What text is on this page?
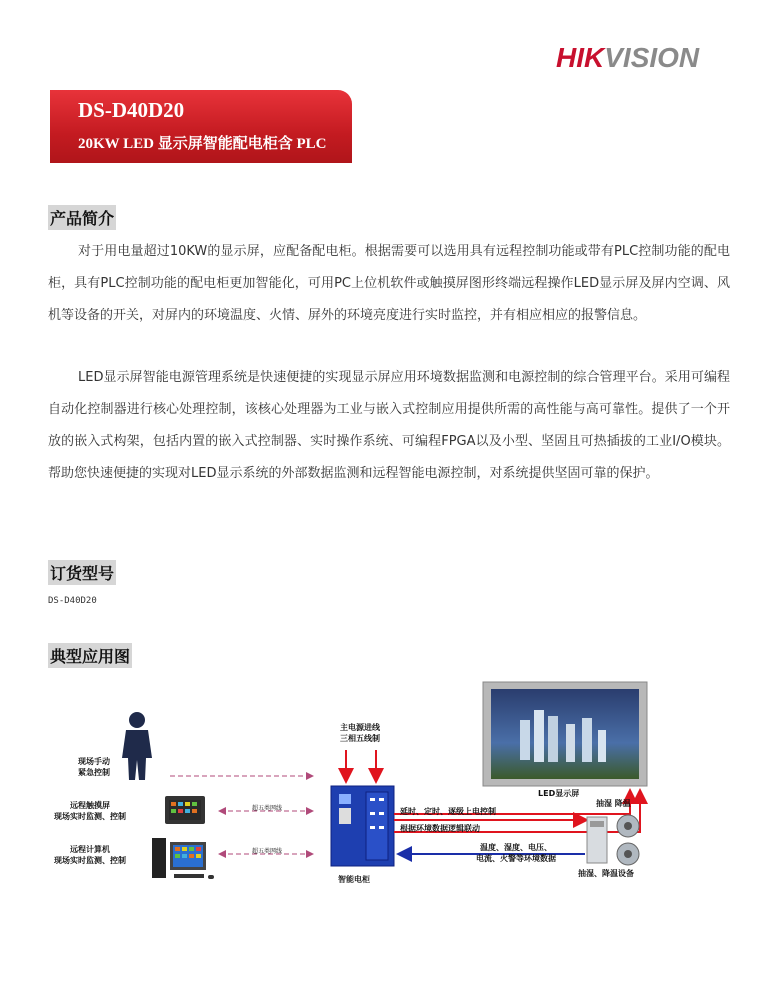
HIKVISION
DS-D40D20
20KW LED 显示屏智能配电柜含 PLC
产品简介
对于用电量超过10KW的显示屏，应配备配电柜。根据需要可以选用具有远程控制功能或带有PLC控制功能的配电柜，具有PLC控制功能的配电柜更加智能化，可用PC上位机软件或触摸屏图形终端远程操作LED显示屏及屏内空调、风机等设备的开关，对屏内的环境温度、火情、屏外的环境亮度进行实时监控，并有相应相应的报警信息。
LED显示屏智能电源管理系统是快速便捷的实现显示屏应用环境数据监测和电源控制的综合管理平台。采用可编程自动化控制器进行核心处理控制，该核心处理器为工业与嵌入式控制应用提供所需的高性能与高可靠性。提供了一个开放的嵌入式构架，包括内置的嵌入式控制器、实时操作系统、可编程FPGA以及小型、坚固且可热插拔的工业I/O模块。帮助您快速便捷的实现对LED显示系统的外部数据监测和远程智能电源控制，对系统提供坚固可靠的保护。
订货型号
DS-D40D20
典型应用图
现场手动
紧急控制
远程触摸屏
现场实时监测、控制
远程计算机
现场实时监测、控制
主电源进线
三相五线制
智能电柜
LED显示屏
延时、定时、逐级上电控制
根据环境数据逻辑联动
温度、湿度、电压、
电流、火警等环境数据
抽湿 降温
抽湿、降温设备
超五类网线
超五类网线
